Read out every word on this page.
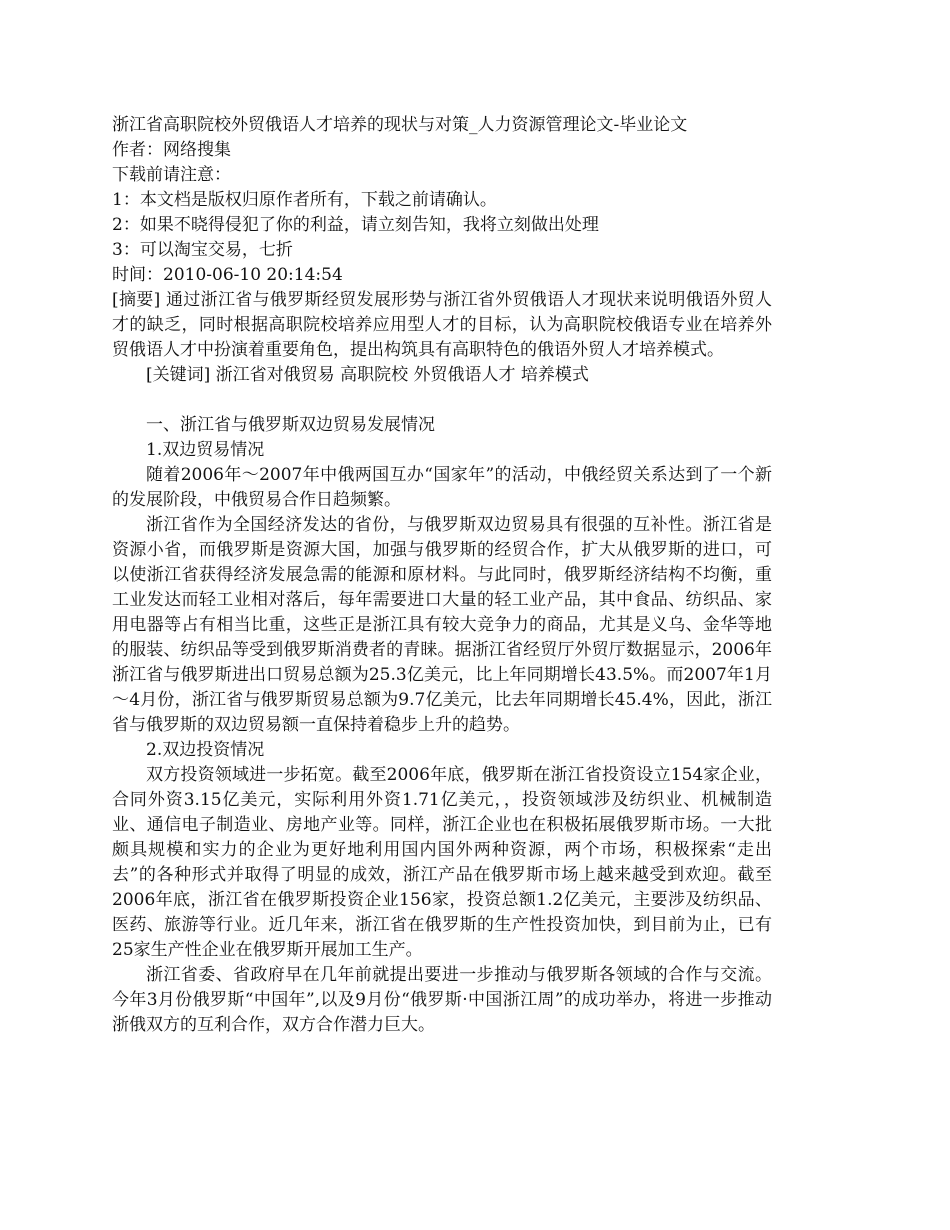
浙江省高职院校外贸俄语人才培养的现状与对策_人力资源管理论文-毕业论文

作者：网络搜集

下载前请注意：

1：本文档是版权归原作者所有，下载之前请确认。

2：如果不晓得侵犯了你的利益，请立刻告知，我将立刻做出处理

3：可以淘宝交易，七折

时间：2010-06-10 20:14:54

[摘要] 通过浙江省与俄罗斯经贸发展形势与浙江省外贸俄语人才现状来说明俄语外贸人才的缺乏，同时根据高职院校培养应用型人才的目标，认为高职院校俄语专业在培养外贸俄语人才中扮演着重要角色，提出构筑具有高职特色的俄语外贸人才培养模式。

[关键词] 浙江省对俄贸易 高职院校 外贸俄语人才 培养模式

一、浙江省与俄罗斯双边贸易发展情况

1.双边贸易情况

随着2006年～2007年中俄两国互办“国家年”的活动，中俄经贸关系达到了一个新的发展阶段，中俄贸易合作日趋频繁。

浙江省作为全国经济发达的省份，与俄罗斯双边贸易具有很强的互补性。浙江省是资源小省，而俄罗斯是资源大国，加强与俄罗斯的经贸合作，扩大从俄罗斯的进口，可以使浙江省获得经济发展急需的能源和原材料。与此同时，俄罗斯经济结构不均衡，重工业发达而轻工业相对落后，每年需要进口大量的轻工业产品，其中食品、纺织品、家用电器等占有相当比重，这些正是浙江具有较大竞争力的商品，尤其是义乌、金华等地的服装、纺织品等受到俄罗斯消费者的青睐。据浙江省经贸厅外贸厅数据显示，2006年浙江省与俄罗斯进出口贸易总额为25.3亿美元，比上年同期增长43.5%。而2007年1月～4月份，浙江省与俄罗斯贸易总额为9.7亿美元，比去年同期增长45.4%，因此，浙江省与俄罗斯的双边贸易额一直保持着稳步上升的趋势。

2.双边投资情况

双方投资领域进一步拓宽。截至2006年底，俄罗斯在浙江省投资设立154家企业，合同外资3.15亿美元，实际利用外资1.71亿美元，，投资领域涉及纺织业、机械制造业、通信电子制造业、房地产业等。同样，浙江企业也在积极拓展俄罗斯市场。一大批颇具规模和实力的企业为更好地利用国内国外两种资源，两个市场，积极探索“走出去”的各种形式并取得了明显的成效，浙江产品在俄罗斯市场上越来越受到欢迎。截至2006年底，浙江省在俄罗斯投资企业156家，投资总额1.2亿美元，主要涉及纺织品、医药、旅游等行业。近几年来，浙江省在俄罗斯的生产性投资加快，到目前为止，已有25家生产性企业在俄罗斯开展加工生产。

浙江省委、省政府早在几年前就提出要进一步推动与俄罗斯各领域的合作与交流。今年3月份俄罗斯“中国年”,以及9月份“俄罗斯·中国浙江周”的成功举办，将进一步推动浙俄双方的互利合作，双方合作潜力巨大。
